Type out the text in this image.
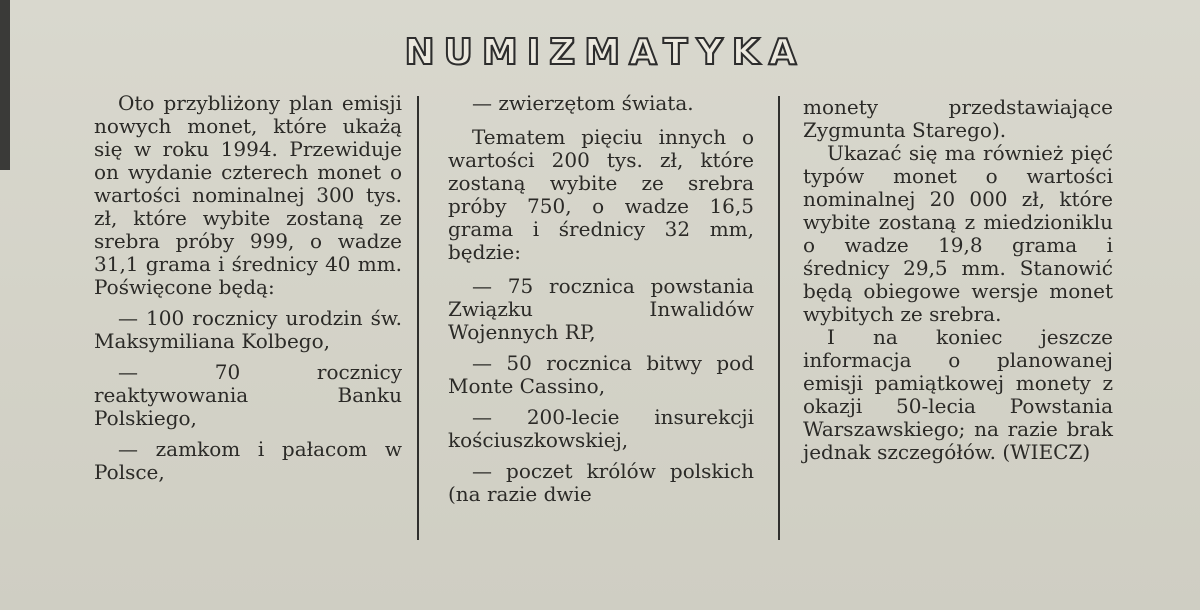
NUMIZMATYKA

Oto przybliżony plan emisji nowych monet, które ukażą się w roku 1994. Przewiduje on wydanie czterech monet o wartości nominalnej 300 tys. zł, które wybite zostaną ze srebra próby 999, o wadze 31,1 grama i średnicy 40 mm. Poświęcone będą:

— 100 rocznicy urodzin św. Maksymiliana Kolbego,

— 70 rocznicy reaktywowania Banku Polskiego,

— zamkom i pałacom w Polsce,

— zwierzętom świata.

Tematem pięciu innych o wartości 200 tys. zł, które zostaną wybite ze srebra próby 750, o wadze 16,5 grama i średnicy 32 mm, będzie:

— 75 rocznica powstania Związku Inwalidów Wojennych RP,

— 50 rocznica bitwy pod Monte Cassino,

— 200-lecie insurekcji kościuszkowskiej,

— poczet królów polskich (na razie dwie

monety przedstawiające Zygmunta Starego).

Ukazać się ma również pięć typów monet o wartości nominalnej 20 000 zł, które wybite zostaną z miedzioniklu o wadze 19,8 grama i średnicy 29,5 mm. Stanowić będą obiegowe wersje monet wybitych ze srebra.

I na koniec jeszcze informacja o planowanej emisji pamiątkowej monety z okazji 50-lecia Powstania Warszawskiego; na razie brak jednak szczegółów. (WIECZ)
